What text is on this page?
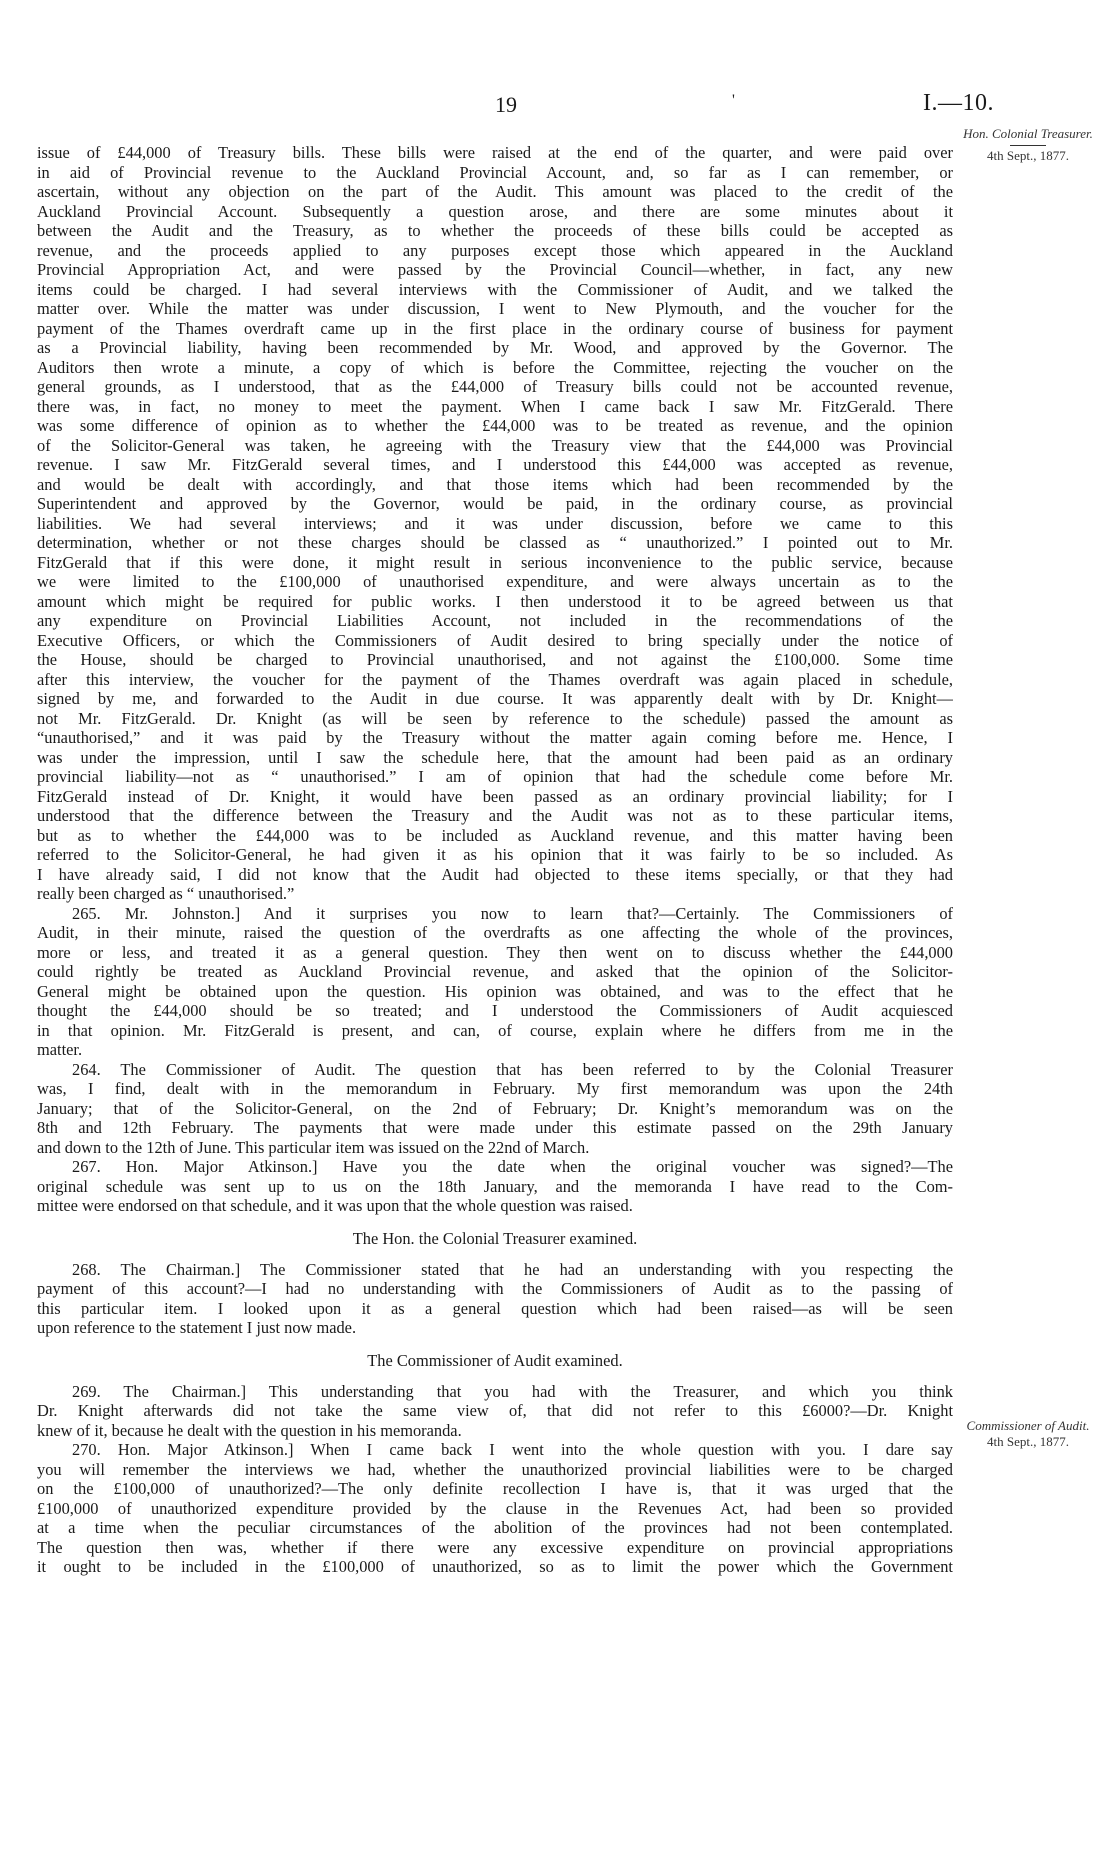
19	'	I.—10.
Hon. Colonial Treasurer.
4th Sept., 1877.
Commissioner of Audit.
4th Sept., 1877.
issue of £44,000 of Treasury bills. These bills were raised at the end of the quarter, and were paid over
in aid of Provincial revenue to the Auckland Provincial Account, and, so far as I can remember, or
ascertain, without any objection on the part of the Audit. This amount was placed to the credit of the
Auckland Provincial Account. Subsequently a question arose, and there are some minutes about it
between the Audit and the Treasury, as to whether the proceeds of these bills could be accepted as
revenue, and the proceeds applied to any purposes except those which appeared in the Auckland
Provincial Appropriation Act, and were passed by the Provincial Council—whether, in fact, any new
items could be charged. I had several interviews with the Commissioner of Audit, and we talked the
matter over. While the matter was under discussion, I went to New Plymouth, and the voucher for the
payment of the Thames overdraft came up in the first place in the ordinary course of business for payment
as a Provincial liability, having been recommended by Mr. Wood, and approved by the Governor. The
Auditors then wrote a minute, a copy of which is before the Committee, rejecting the voucher on the
general grounds, as I understood, that as the £44,000 of Treasury bills could not be accounted revenue,
there was, in fact, no money to meet the payment. When I came back I saw Mr. FitzGerald. There
was some difference of opinion as to whether the £44,000 was to be treated as revenue, and the opinion
of the Solicitor-General was taken, he agreeing with the Treasury view that the £44,000 was Provincial
revenue. I saw Mr. FitzGerald several times, and I understood this £44,000 was accepted as revenue,
and would be dealt with accordingly, and that those items which had been recommended by the
Superintendent and approved by the Governor, would be paid, in the ordinary course, as provincial
liabilities. We had several interviews; and it was under discussion, before we came to this
determination, whether or not these charges should be classed as “ unauthorized.” I pointed out to Mr.
FitzGerald that if this were done, it might result in serious inconvenience to the public service, because
we were limited to the £100,000 of unauthorised expenditure, and were always uncertain as to the
amount which might be required for public works. I then understood it to be agreed between us that
any expenditure on Provincial Liabilities Account, not included in the recommendations of the
Executive Officers, or which the Commissioners of Audit desired to bring specially under the notice of
the House, should be charged to Provincial unauthorised, and not against the £100,000. Some time
after this interview, the voucher for the payment of the Thames overdraft was again placed in schedule,
signed by me, and forwarded to the Audit in due course. It was apparently dealt with by Dr. Knight—
not Mr. FitzGerald. Dr. Knight (as will be seen by reference to the schedule) passed the amount as
“unauthorised,” and it was paid by the Treasury without the matter again coming before me. Hence, I
was under the impression, until I saw the schedule here, that the amount had been paid as an ordinary
provincial liability—not as “ unauthorised.” I am of opinion that had the schedule come before Mr.
FitzGerald instead of Dr. Knight, it would have been passed as an ordinary provincial liability; for I
understood that the difference between the Treasury and the Audit was not as to these particular items,
but as to whether the £44,000 was to be included as Auckland revenue, and this matter having been
referred to the Solicitor-General, he had given it as his opinion that it was fairly to be so included. As
I have already said, I did not know that the Audit had objected to these items specially, or that they had
really been charged as “ unauthorised.”
265. Mr. Johnston.] And it surprises you now to learn that?—Certainly. The Commissioners of
Audit, in their minute, raised the question of the overdrafts as one affecting the whole of the provinces,
more or less, and treated it as a general question. They then went on to discuss whether the £44,000
could rightly be treated as Auckland Provincial revenue, and asked that the opinion of the Solicitor-
General might be obtained upon the question. His opinion was obtained, and was to the effect that he
thought the £44,000 should be so treated; and I understood the Commissioners of Audit acquiesced
in that opinion. Mr. FitzGerald is present, and can, of course, explain where he differs from me in the
matter.
264. The Commissioner of Audit. The question that has been referred to by the Colonial Treasurer
was, I find, dealt with in the memorandum in February. My first memorandum was upon the 24th
January; that of the Solicitor-General, on the 2nd of February; Dr. Knight’s memorandum was on the
8th and 12th February. The payments that were made under this estimate passed on the 29th January
and down to the 12th of June. This particular item was issued on the 22nd of March.
267. Hon. Major Atkinson.] Have you the date when the original voucher was signed?—The
original schedule was sent up to us on the 18th January, and the memoranda I have read to the Com-
mittee were endorsed on that schedule, and it was upon that the whole question was raised.
The Hon. the Colonial Treasurer examined.
268. The Chairman.] The Commissioner stated that he had an understanding with you respecting the
payment of this account?—I had no understanding with the Commissioners of Audit as to the passing of
this particular item. I looked upon it as a general question which had been raised—as will be seen
upon reference to the statement I just now made.
The Commissioner of Audit examined.
269. The Chairman.] This understanding that you had with the Treasurer, and which you think
Dr. Knight afterwards did not take the same view of, that did not refer to this £6000?—Dr. Knight
knew of it, because he dealt with the question in his memoranda.
270. Hon. Major Atkinson.] When I came back I went into the whole question with you. I dare say
you will remember the interviews we had, whether the unauthorized provincial liabilities were to be charged
on the £100,000 of unauthorized?—The only definite recollection I have is, that it was urged that the
£100,000 of unauthorized expenditure provided by the clause in the Revenues Act, had been so provided
at a time when the peculiar circumstances of the abolition of the provinces had not been contemplated.
The question then was, whether if there were any excessive expenditure on provincial appropriations
it ought to be included in the £100,000 of unauthorized, so as to limit the power which the Government
